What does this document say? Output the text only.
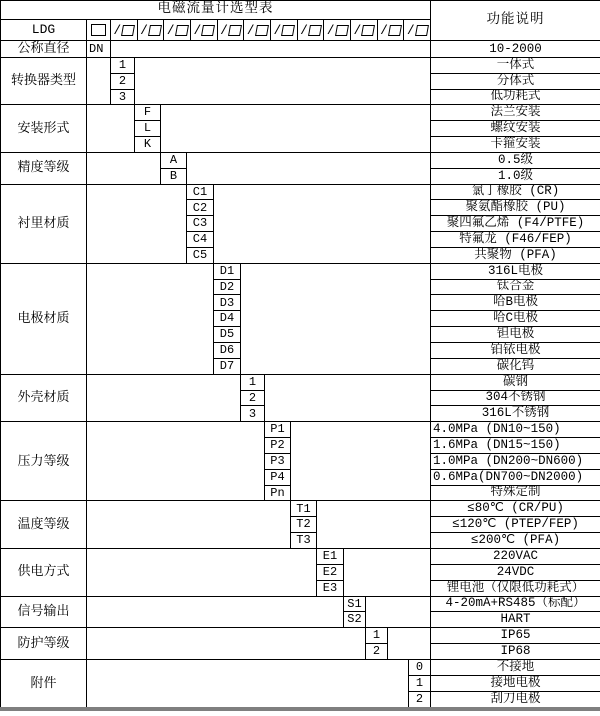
电磁流量计选型表															功能说明
LDG		/ / / / / / / / / / / /

公称直径	DN														10-2000
转换器类型		1													一体式
		2													分体式
		3													低功耗式
安装形式			F												法兰安装
			L												螺纹安装
			K												卡箍安装
精度等级				A											0.5级
				B											1.0级
衬里材质					C1										氯丁橡胶 (CR)
					C2										聚氨酯橡胶 (PU)
					C3										聚四氟乙烯 (F4/PTFE)
					C4										特氟龙 (F46/FEP)
					C5										共聚物 (PFA)
电极材质						D1									316L电极
						D2									钛合金
						D3									哈B电极
						D4									哈C电极
						D5									钽电极
						D6									铂铱电极
						D7									碳化钨
外壳材质							1								碳钢
							2								304不锈钢
							3								316L不锈钢
压力等级								P1							4.0MPa (DN10~150)
								P2							1.6MPa (DN15~150)
								P3							1.0MPa (DN200~DN600)
								P4							0.6MPa(DN700~DN2000)
								Pn							特殊定制
温度等级									T1						≤80℃ (CR/PU)
									T2						≤120℃ (PTEP/FEP)
									T3						≤200℃ (PFA)
供电方式										E1					220VAC
										E2					24VDC
										E3					锂电池（仅限低功耗式）
信号输出											S1				4-20mA+RS485（标配）
											S2				HART
防护等级												1			IP65
												2			IP68
附件														0	不接地
														1	接地电极
														2	刮刀电极
